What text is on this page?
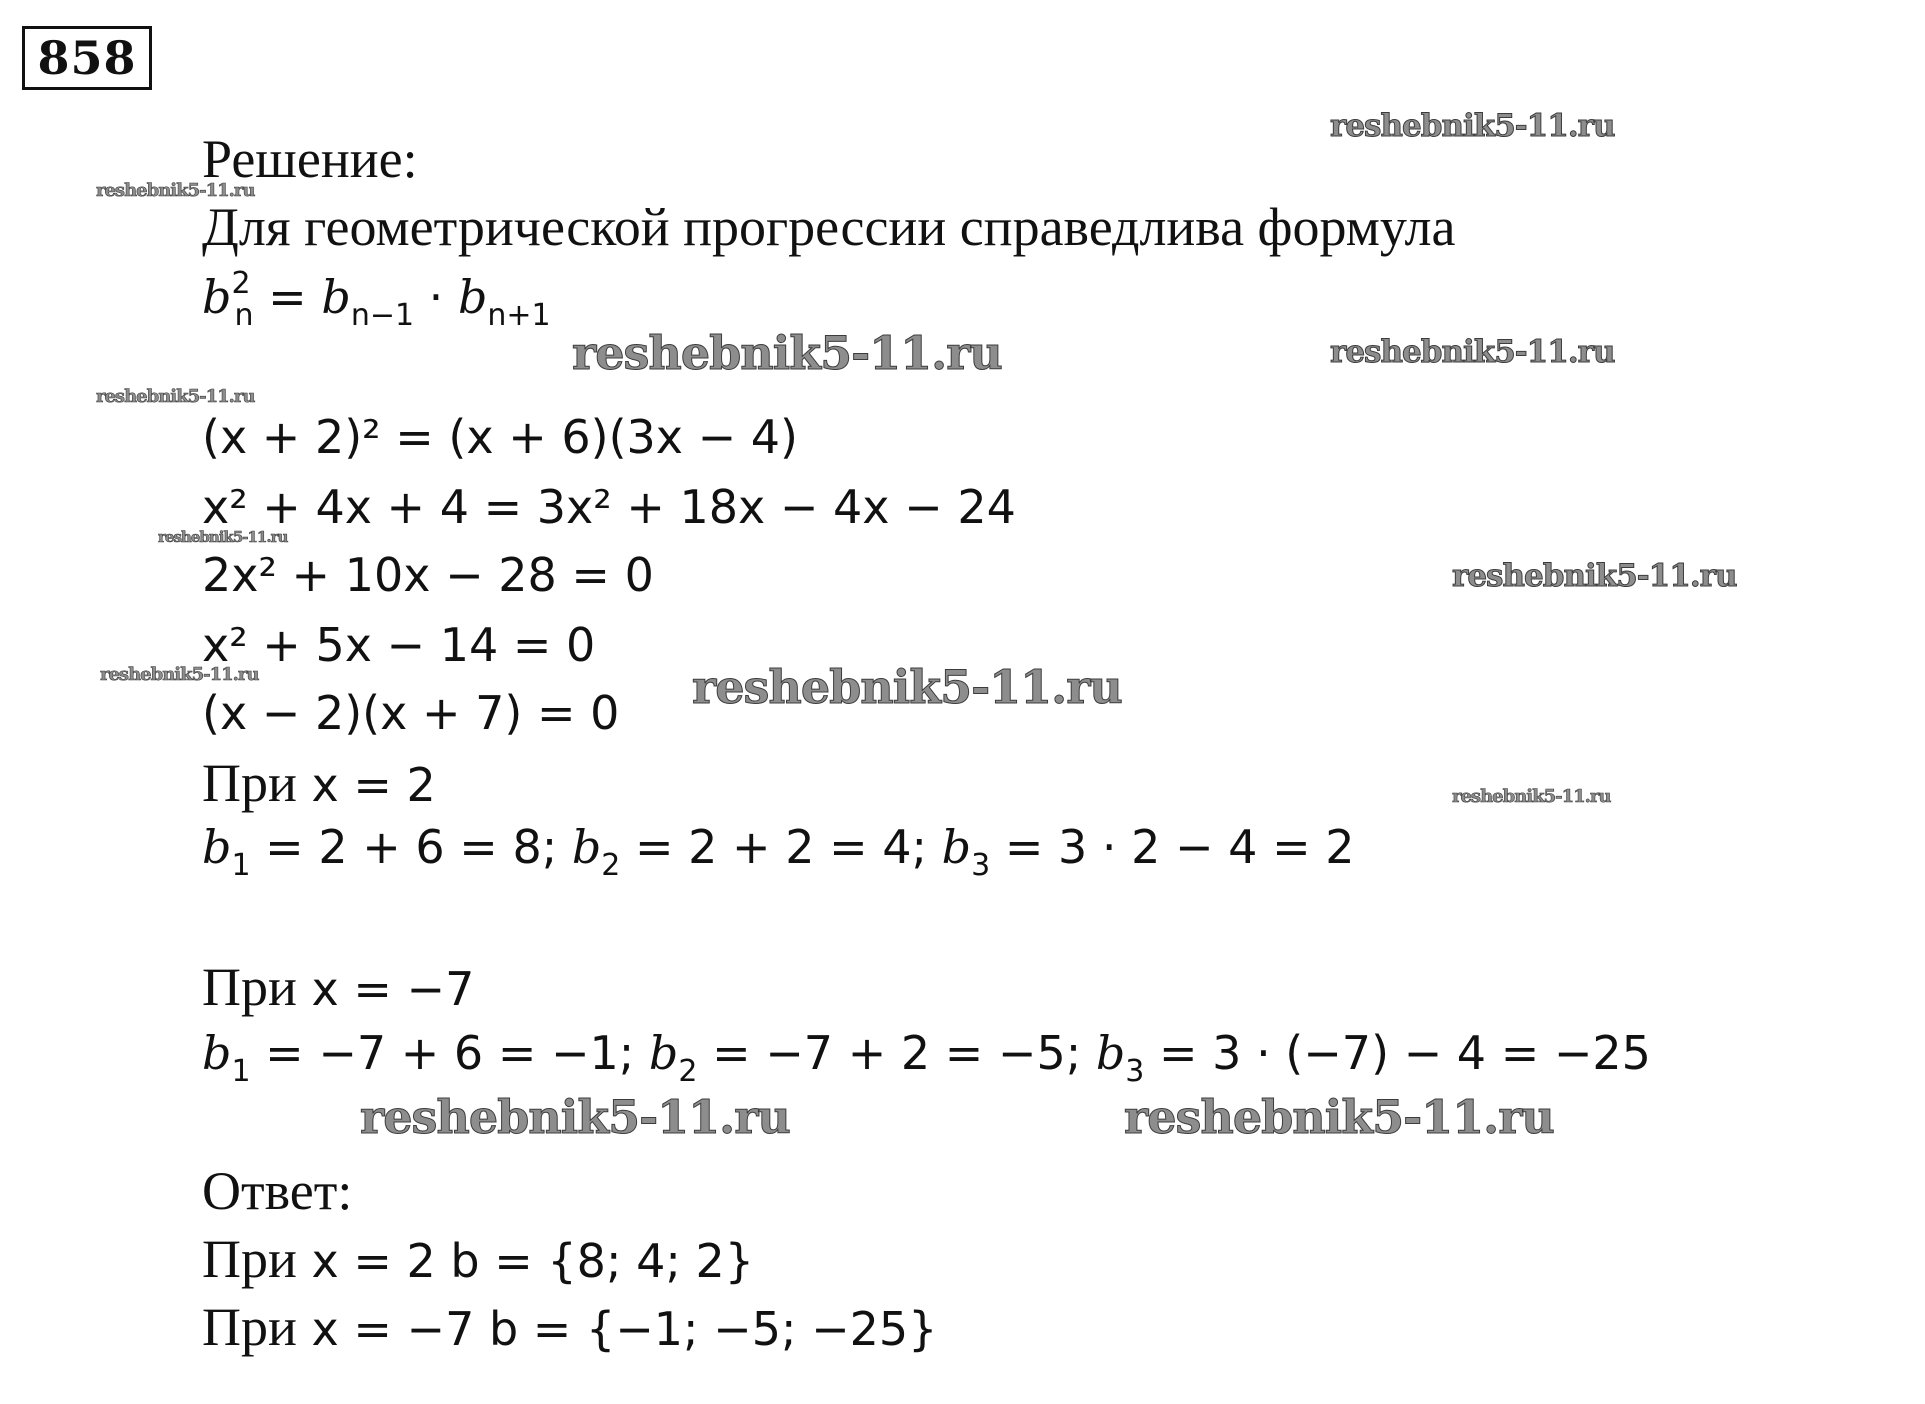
858
Решение:
Для геометрической прогрессии справедлива формула
$b^2_n = b_{n-1} \cdot b_{n+1}$
(x + 2)² = (x + 6)(3x − 4)
x² + 4x + 4 = 3x² + 18x − 4x − 24
2x² + 10x − 28 = 0
x² + 5x − 14 = 0
(x − 2)(x + 7) = 0
При x = 2
$b_1 = 2 + 6 = 8$; $b_2 = 2 + 2 = 4$; $b_3 = 3 \cdot 2 - 4 = 2$
При x = −7
$b_1 = -7 + 6 = -1$; $b_2 = -7 + 2 = -5$; $b_3 = 3 \cdot (-7) - 4 = -25$
Ответ:
При x = 2 b = {8; 4; 2}
При x = −7 b = {−1; −5; −25}
reshebnik5-11.ru
reshebnik5-11.ru
reshebnik5-11.ru	reshebnik5-11.ru
reshebnik5-11.ru
reshebnik5-11.ru
reshebnik5-11.ru
reshebnik5-11.ru	reshebnik5-11.ru
reshebnik5-11.ru
reshebnik5-11.ru	reshebnik5-11.ru
